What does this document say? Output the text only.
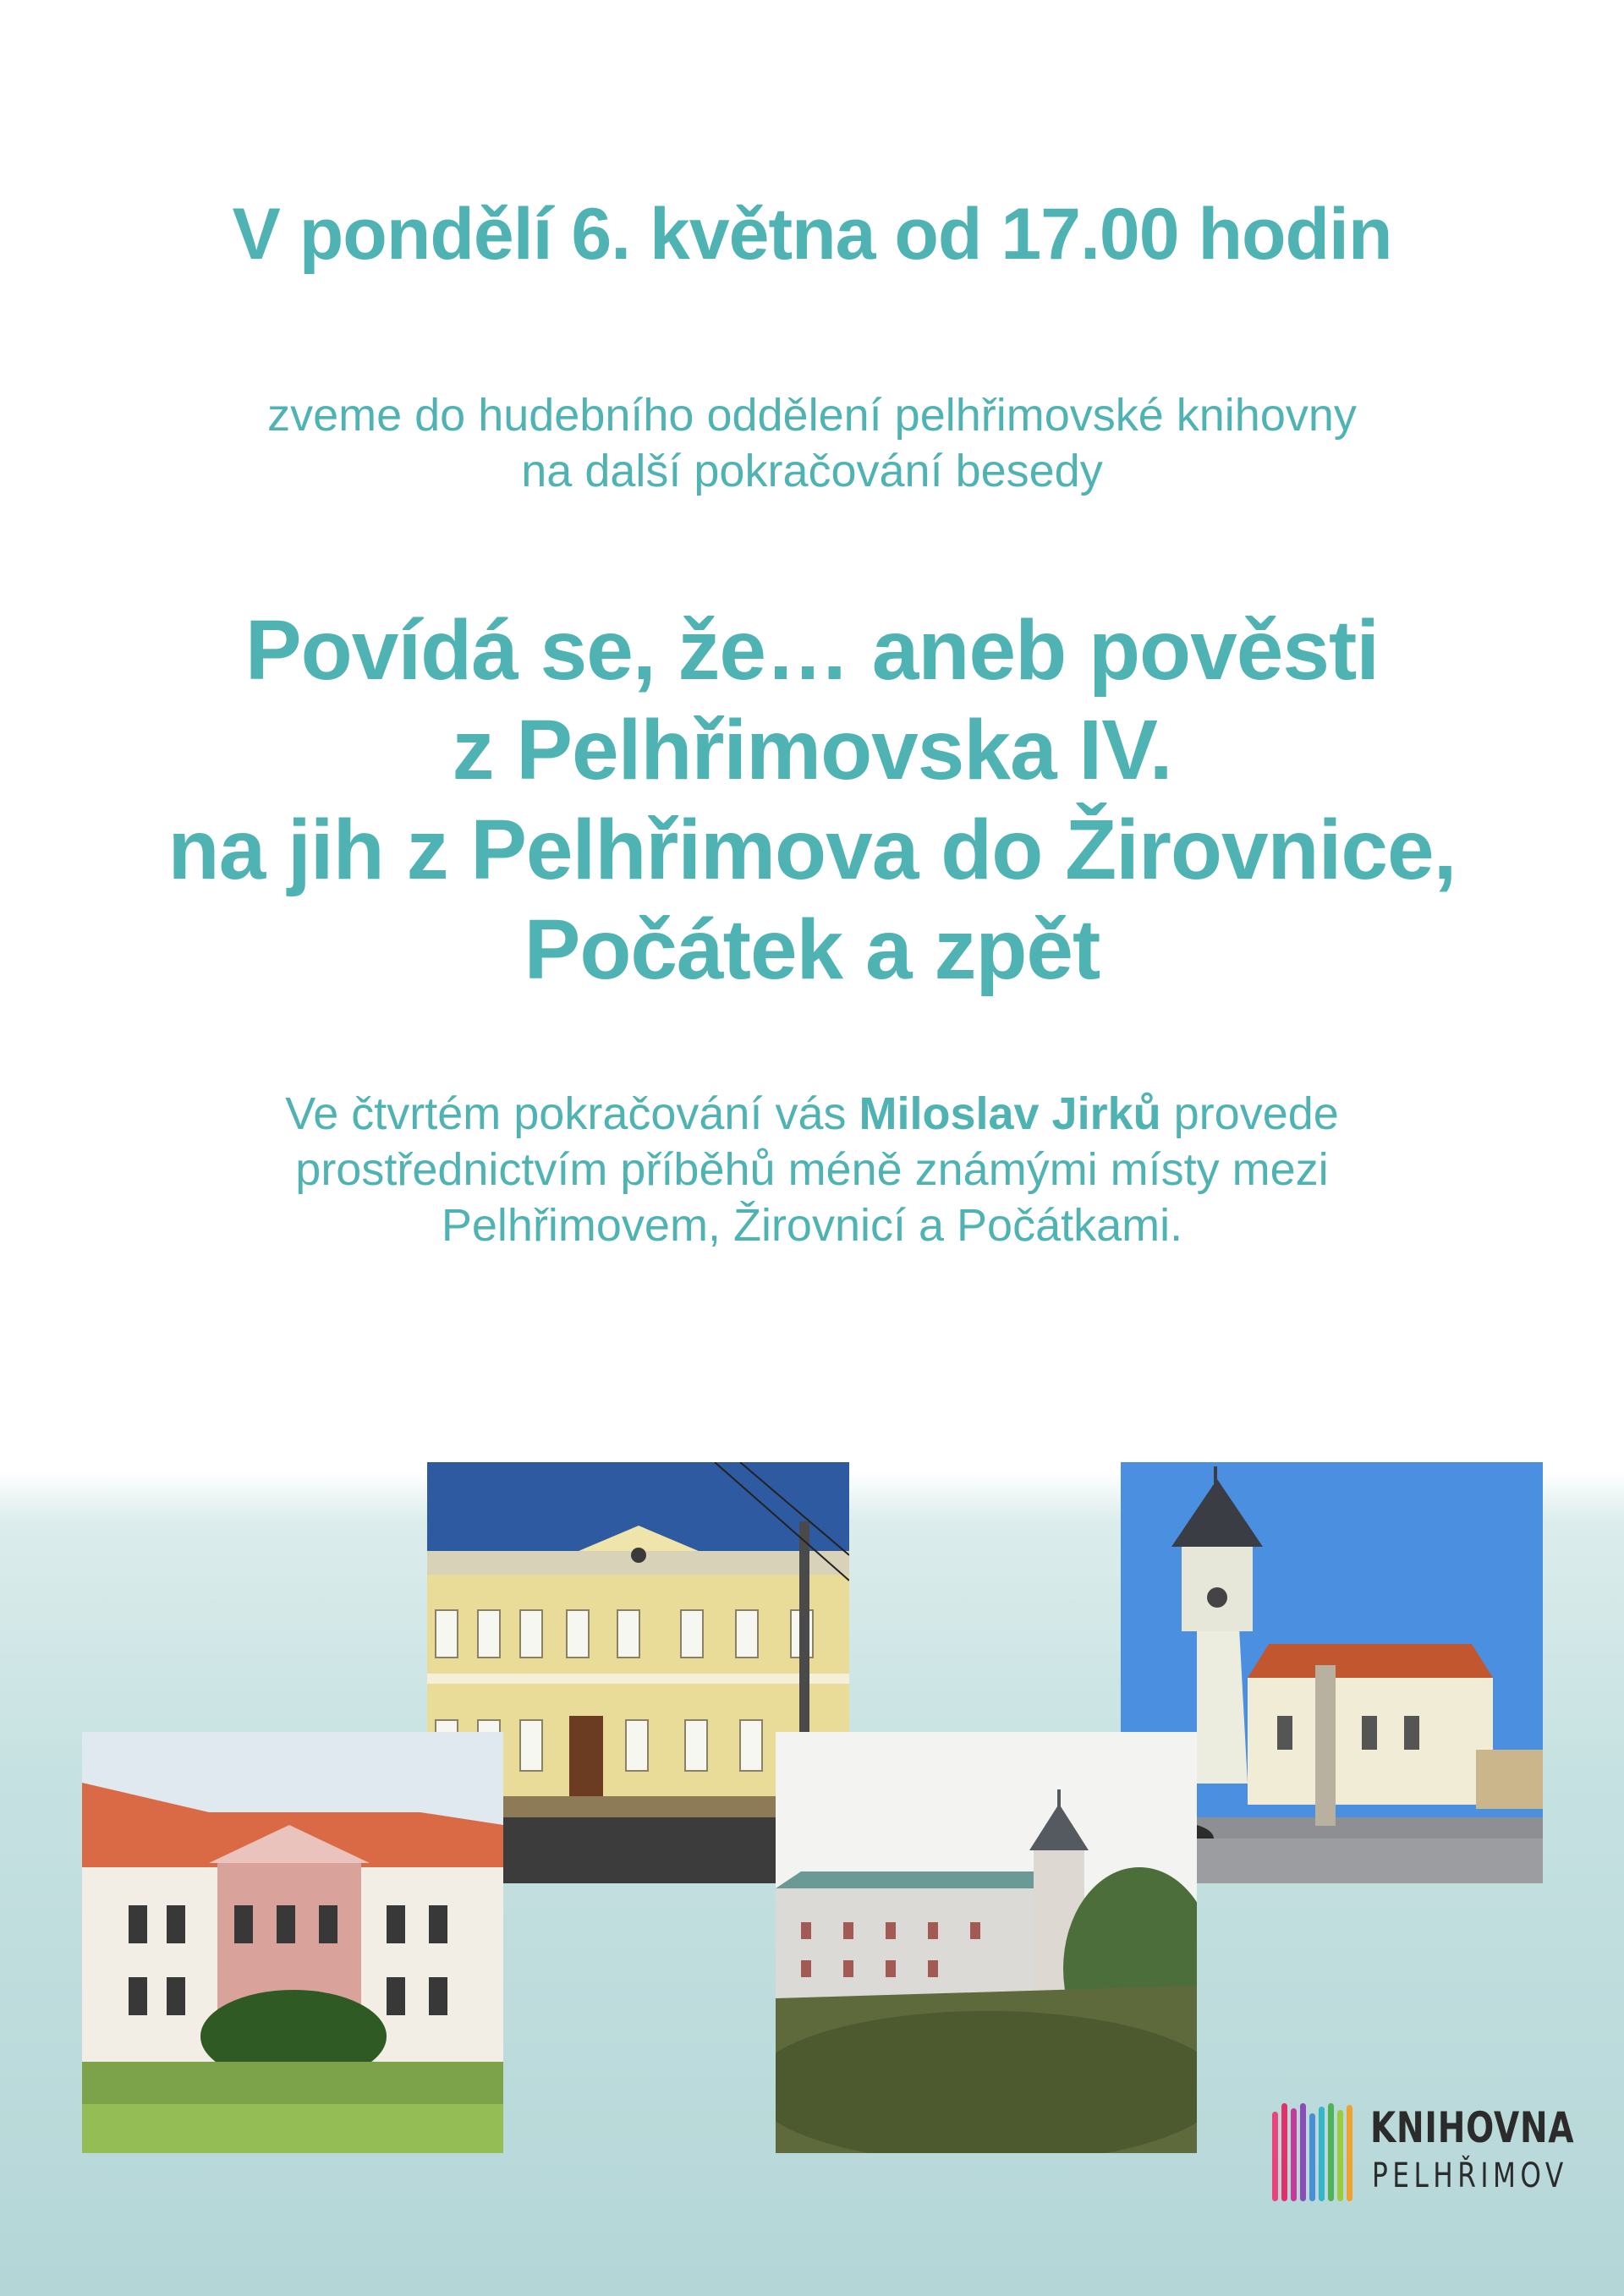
V pondělí 6. května od 17.00 hodin
zveme do hudebního oddělení pelhřimovské knihovny
na další pokračování besedy
Povídá se, že… aneb pověsti
z Pelhřimovska IV.
na jih z Pelhřimova do Žirovnice,
Počátek a zpět
Ve čtvrtém pokračování vás Miloslav Jirků provede
prostřednictvím příběhů méně známými místy mezi
Pelhřimovem, Žirovnicí a Počátkami.
KNIHOVNA
PELHŘIMOV
